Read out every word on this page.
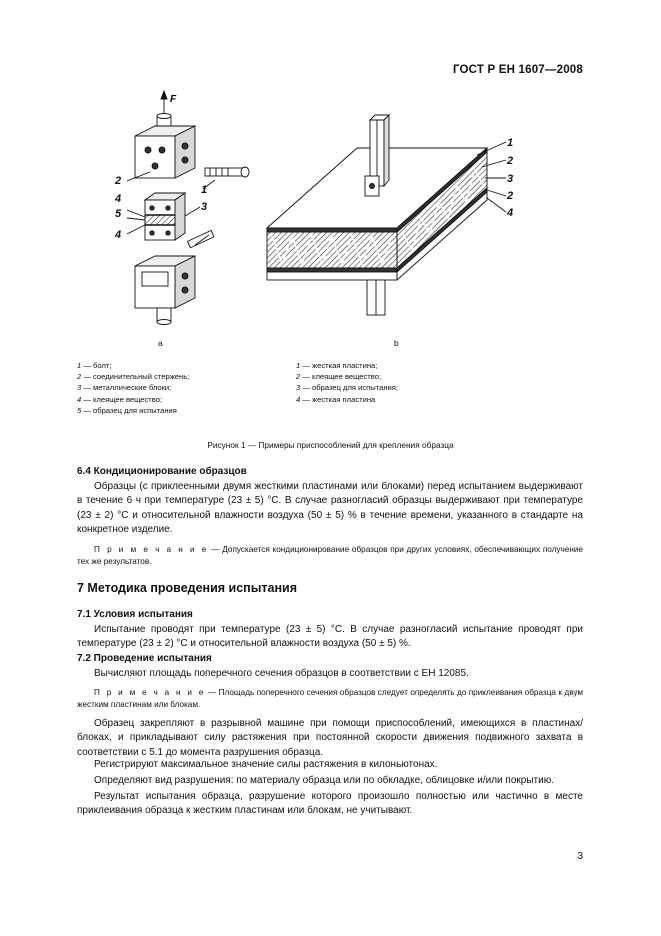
ГОСТ Р ЕН 1607—2008
F
2
1
4
5
4
3
1
2
3
2
4
а	b
1 — болт;
2 — соединительный стержень;
3 — металлические блоки;
4 — клеящее вещество;
5 — образец для испытания
1 — жесткая пластина;
2 — клеящее вещество;
3 — образец для испытания;
4 — жесткая пластина
Рисунок 1 — Примеры приспособлений для крепления образца
6.4 Кондиционирование образцов
Образцы (с приклеенными двумя жесткими пластинами или блоками) перед испытанием выдерживают в течение 6 ч при температуре (23 ± 5) °С. В случае разногласий образцы выдерживают при температуре (23 ± 2) °С и относительной влажности воздуха (50 ± 5) % в течение времени, указанного в стандарте на конкретное изделие.
П р и м е ч а н и е — Допускается кондиционирование образцов при других условиях, обеспечивающих получение тех же результатов.
7 Методика проведения испытания
7.1 Условия испытания
Испытание проводят при температуре (23 ± 5) °С. В случае разногласий испытание проводят при температуре (23 ± 2) °С и относительной влажности воздуха (50 ± 5) %.
7.2 Проведение испытания
Вычисляют площадь поперечного сечения образцов в соответствии с ЕН 12085.
П р и м е ч а н и е — Площадь поперечного сечения образцов следует определять до приклеивания образца к двум жестким пластинам или блокам.
Образец закрепляют в разрывной машине при помощи приспособлений, имеющихся в пластинах/блоках, и прикладывают силу растяжения при постоянной скорости движения подвижного захвата в соответствии с 5.1 до момента разрушения образца.
Регистрируют максимальное значение силы растяжения в килоньютонах.
Определяют вид разрушения: по материалу образца или по обкладке, облицовке и/или покрытию.
Результат испытания образца, разрушение которого произошло полностью или частично в месте приклеивания образца к жестким пластинам или блокам, не учитывают.
3
